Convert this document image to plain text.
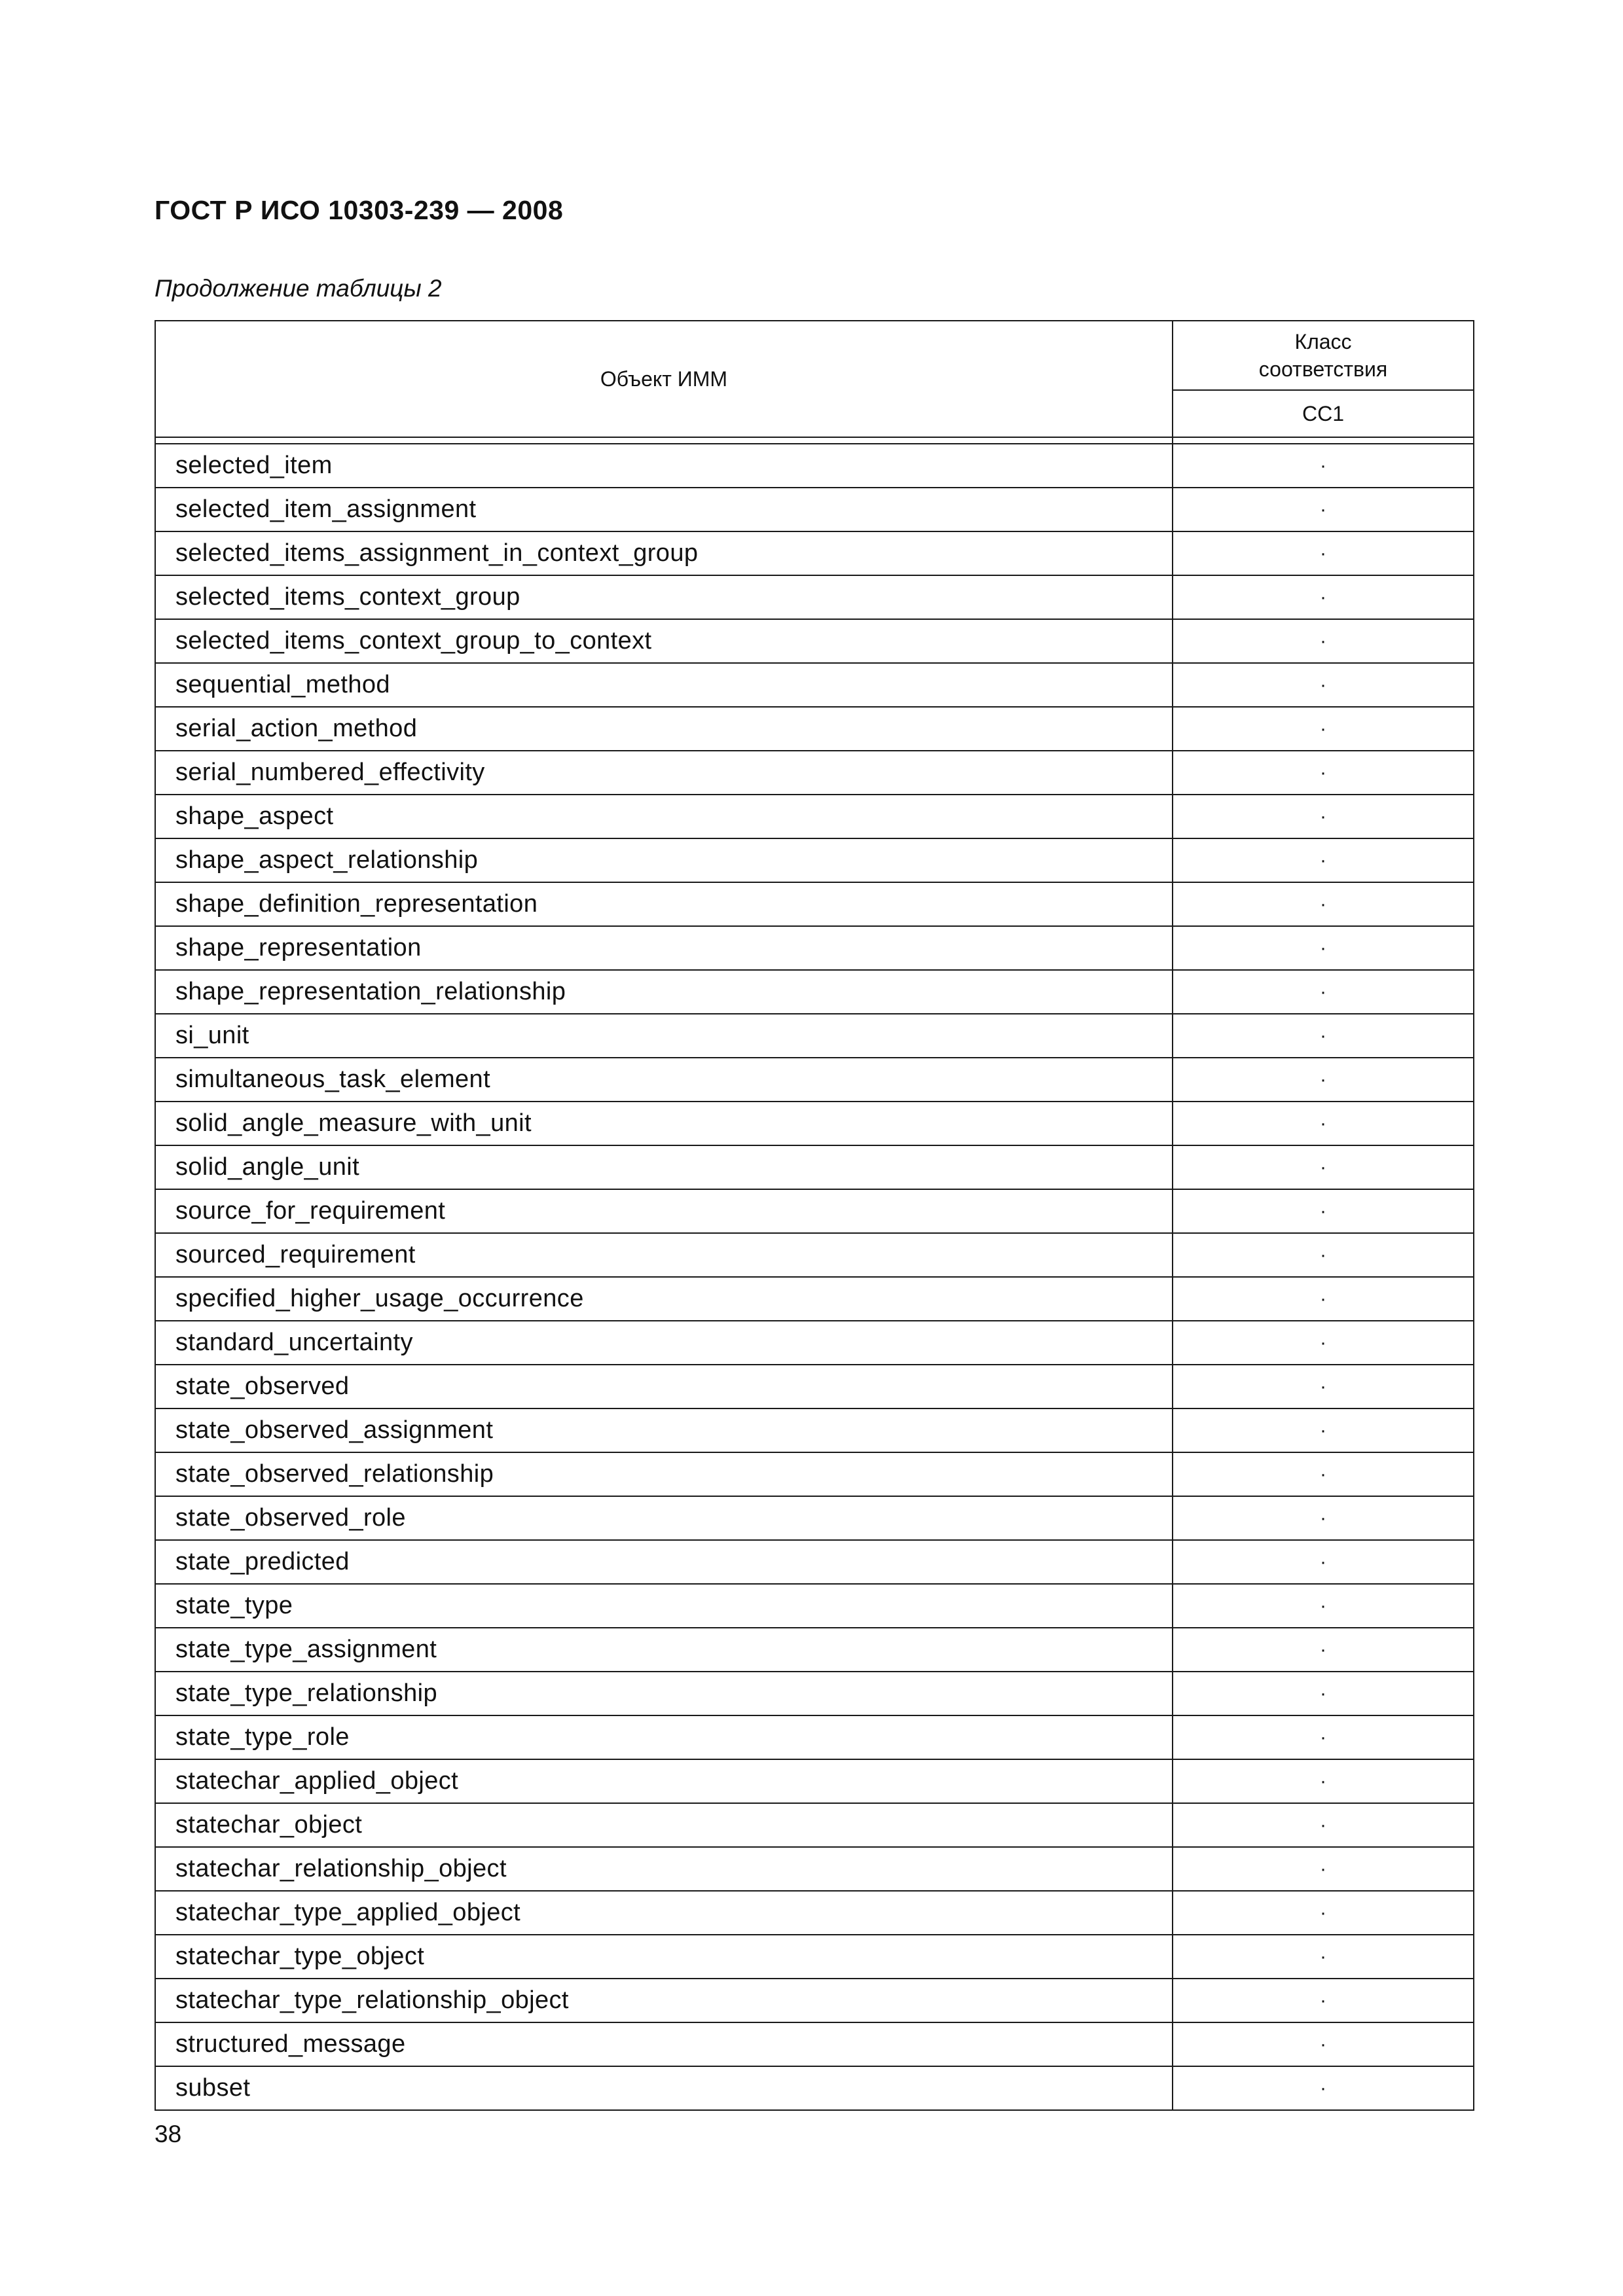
ГОСТ Р ИСО 10303-239 — 2008
Продолжение таблицы 2
Объект ИММ	Класс
соответствия
	CC1

selected_item	·
selected_item_assignment	·
selected_items_assignment_in_context_group	·
selected_items_context_group	·
selected_items_context_group_to_context	·
sequential_method	·
serial_action_method	·
serial_numbered_effectivity	·
shape_aspect	·
shape_aspect_relationship	·
shape_definition_representation	·
shape_representation	·
shape_representation_relationship	·
si_unit	·
simultaneous_task_element	·
solid_angle_measure_with_unit	·
solid_angle_unit	·
source_for_requirement	·
sourced_requirement	·
specified_higher_usage_occurrence	·
standard_uncertainty	·
state_observed	·
state_observed_assignment	·
state_observed_relationship	·
state_observed_role	·
state_predicted	·
state_type	·
state_type_assignment	·
state_type_relationship	·
state_type_role	·
statechar_applied_object	·
statechar_object	·
statechar_relationship_object	·
statechar_type_applied_object	·
statechar_type_object	·
statechar_type_relationship_object	·
structured_message	·
subset	·
38
